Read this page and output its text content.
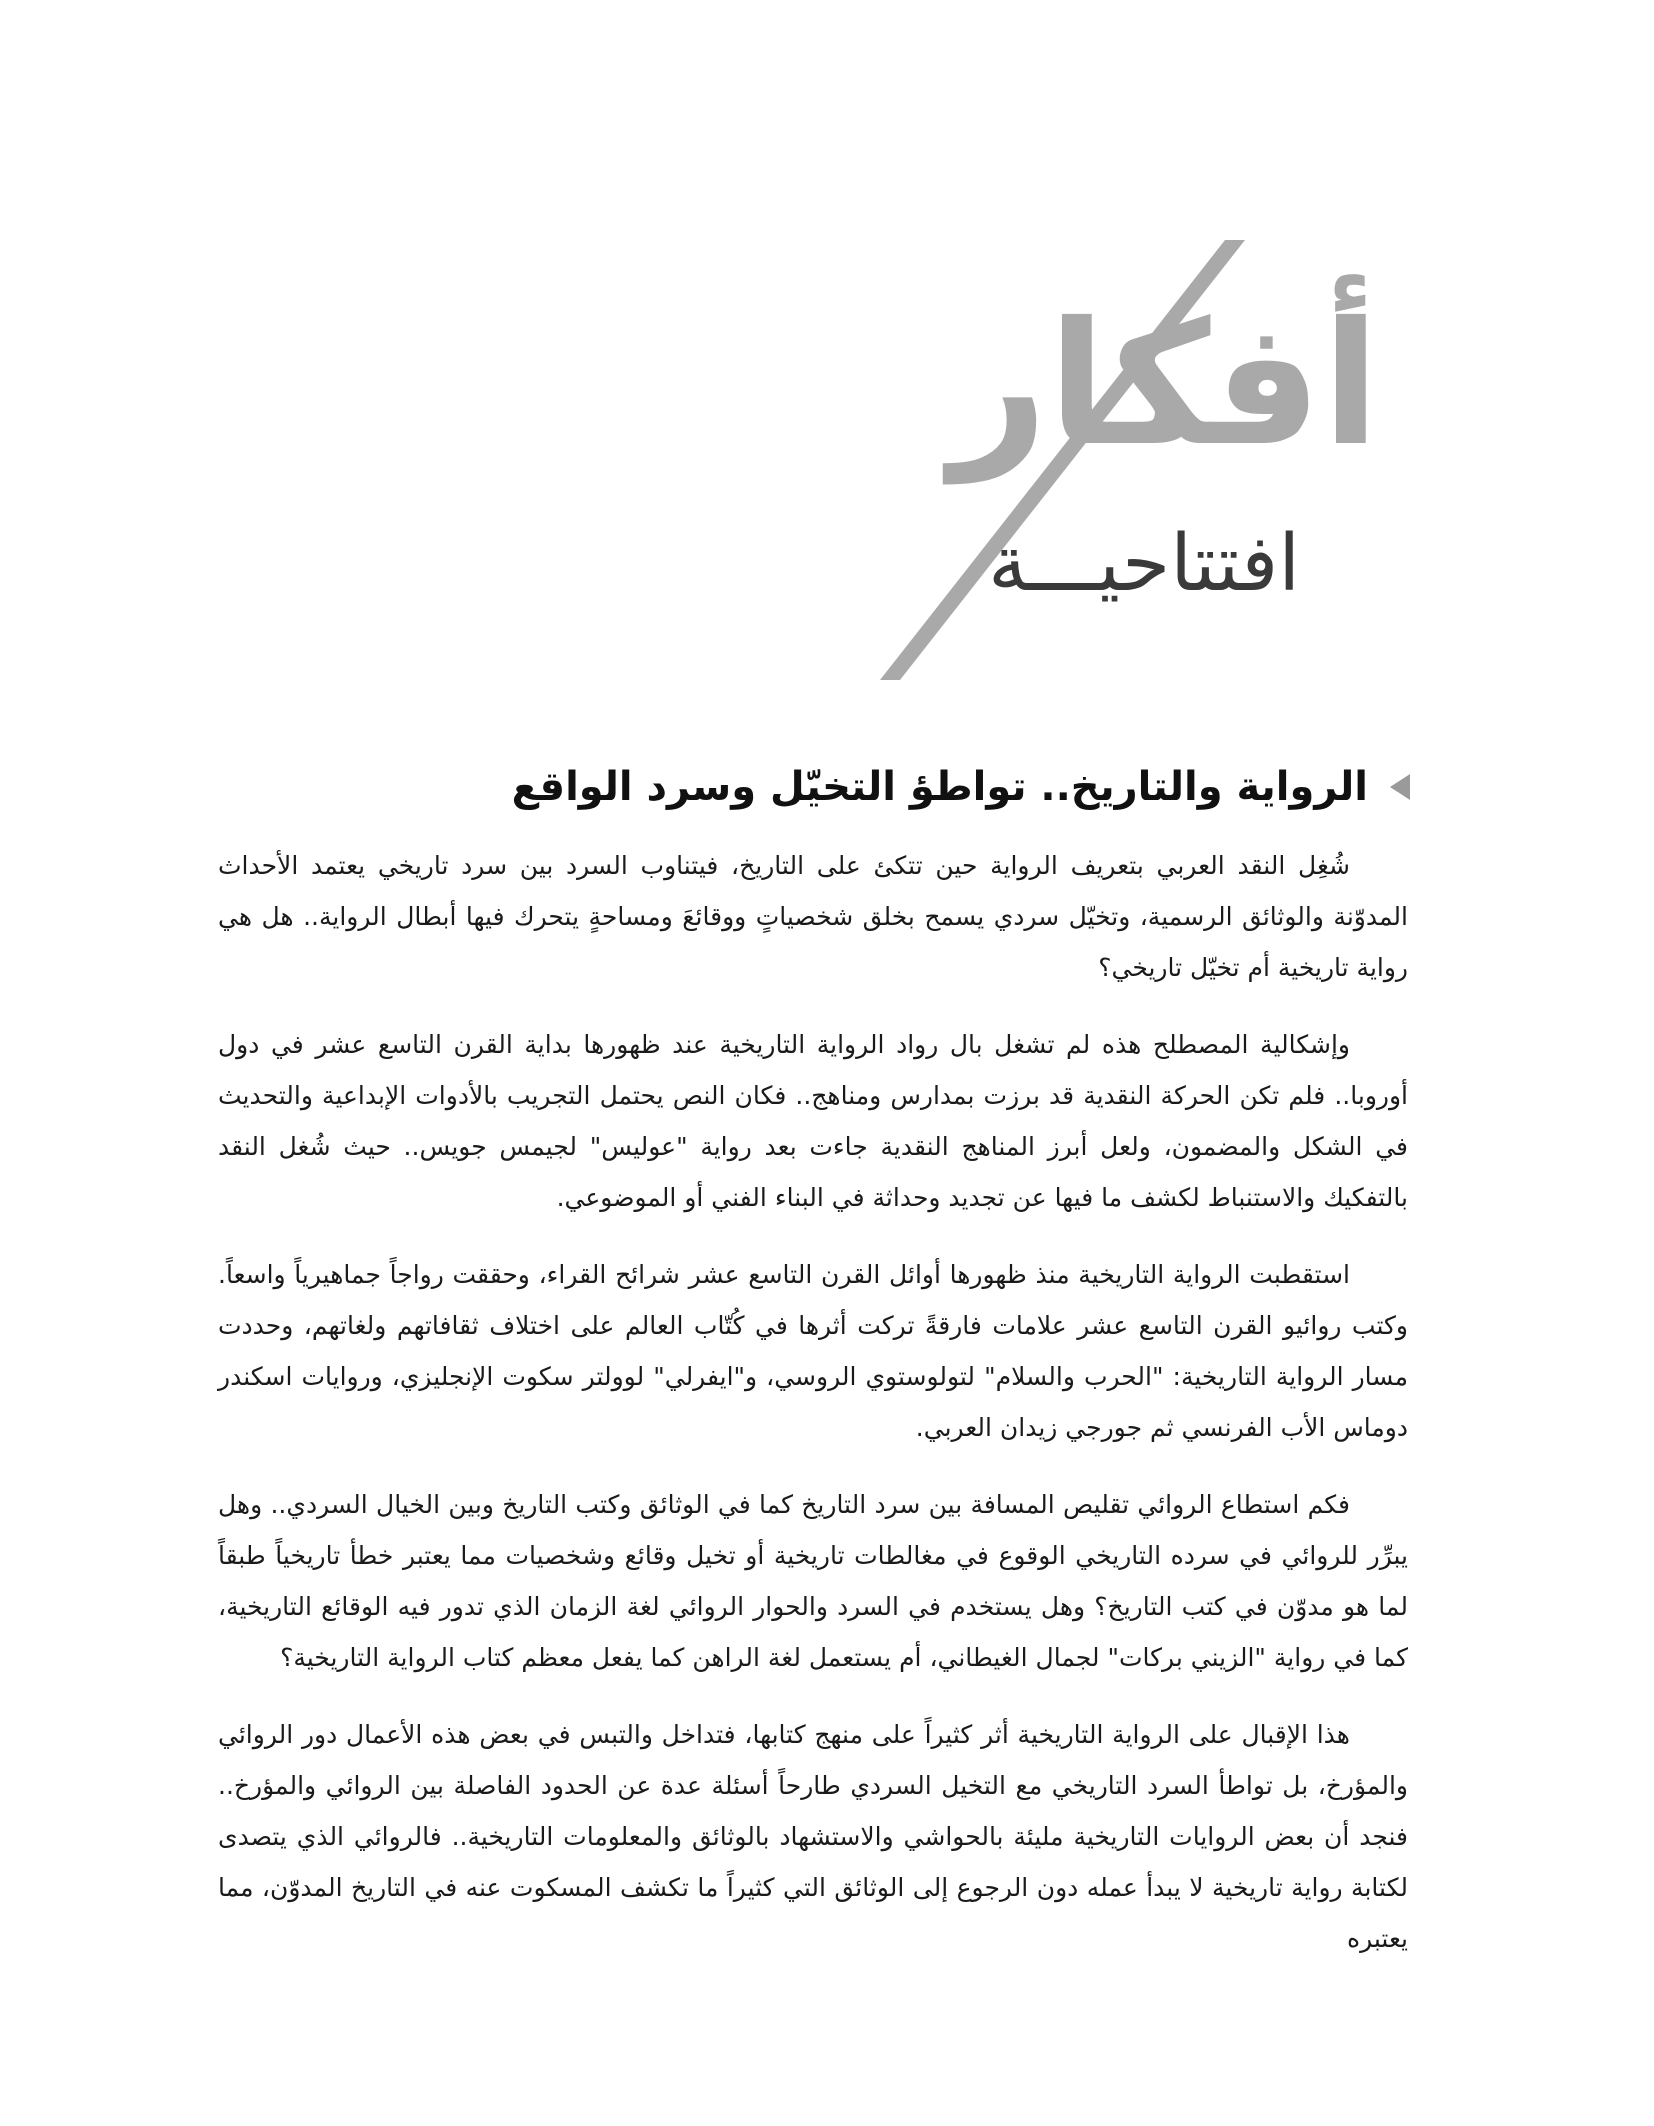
أفكار
افتتاحيـــة
الرواية والتاريخ.. تواطؤ التخيّل وسرد الواقع

شُغِل النقد العربي بتعريف الرواية حين تتكئ على التاريخ، فيتناوب السرد بين سرد تاريخي يعتمد الأحداث المدوّنة والوثائق الرسمية، وتخيّل سردي يسمح بخلق شخصياتٍ ووقائعَ ومساحةٍ يتحرك فيها أبطال الرواية.. هل هي رواية تاريخية أم تخيّل تاريخي؟

وإشكالية المصطلح هذه لم تشغل بال رواد الرواية التاريخية عند ظهورها بداية القرن التاسع عشر في دول أوروبا.. فلم تكن الحركة النقدية قد برزت بمدارس ومناهج.. فكان النص يحتمل التجريب بالأدوات الإبداعية والتحديث في الشكل والمضمون، ولعل أبرز المناهج النقدية جاءت بعد رواية "عوليس" لجيمس جويس.. حيث شُغل النقد بالتفكيك والاستنباط لكشف ما فيها عن تجديد وحداثة في البناء الفني أو الموضوعي.

استقطبت الرواية التاريخية منذ ظهورها أوائل القرن التاسع عشر شرائح القراء، وحققت رواجاً جماهيرياً واسعاً. وكتب روائيو القرن التاسع عشر علامات فارقةً تركت أثرها في كُتّاب العالم على اختلاف ثقافاتهم ولغاتهم، وحددت مسار الرواية التاريخية: "الحرب والسلام" لتولوستوي الروسي، و"ايفرلي" لوولتر سكوت الإنجليزي، وروايات اسكندر دوماس الأب الفرنسي ثم جورجي زيدان العربي.

فكم استطاع الروائي تقليص المسافة بين سرد التاريخ كما في الوثائق وكتب التاريخ وبين الخيال السردي.. وهل يبرِّر للروائي في سرده التاريخي الوقوع في مغالطات تاريخية أو تخيل وقائع وشخصيات مما يعتبر خطأ تاريخياً طبقاً لما هو مدوّن في كتب التاريخ؟ وهل يستخدم في السرد والحوار الروائي لغة الزمان الذي تدور فيه الوقائع التاريخية، كما في رواية "الزيني بركات" لجمال الغيطاني، أم يستعمل لغة الراهن كما يفعل معظم كتاب الرواية التاريخية؟

هذا الإقبال على الرواية التاريخية أثر كثيراً على منهج كتابها، فتداخل والتبس في بعض هذه الأعمال دور الروائي والمؤرخ، بل تواطأ السرد التاريخي مع التخيل السردي طارحاً أسئلة عدة عن الحدود الفاصلة بين الروائي والمؤرخ.. فنجد أن بعض الروايات التاريخية مليئة بالحواشي والاستشهاد بالوثائق والمعلومات التاريخية.. فالروائي الذي يتصدى لكتابة رواية تاريخية لا يبدأ عمله دون الرجوع إلى الوثائق التي كثيراً ما تكشف المسكوت عنه في التاريخ المدوّن، مما يعتبره
